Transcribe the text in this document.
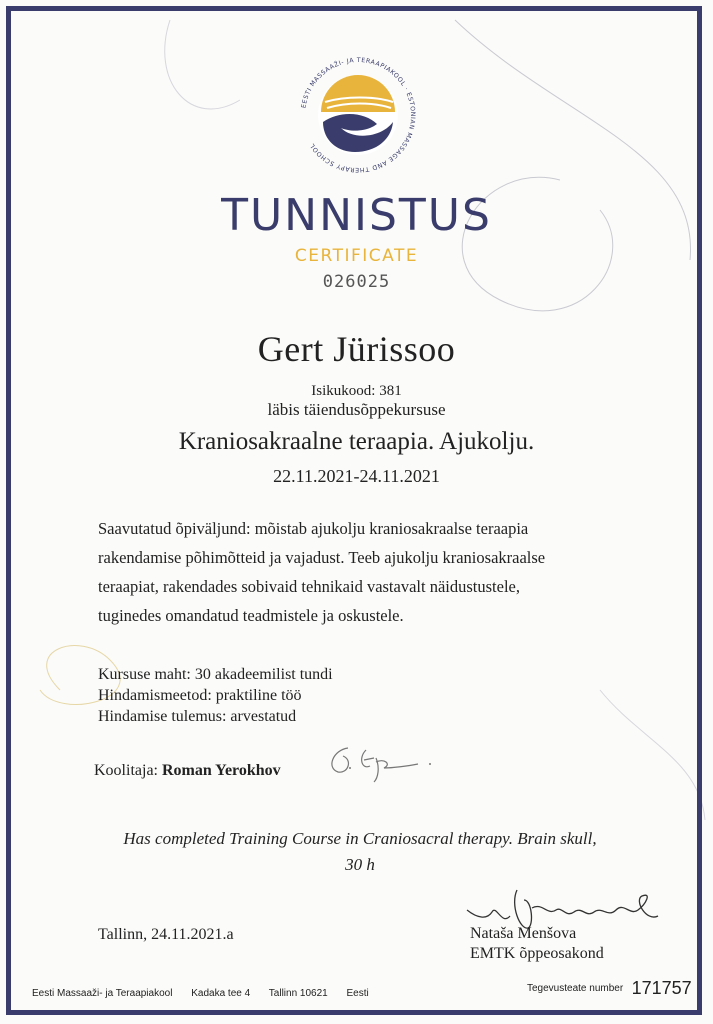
EESTI MASSAAŽI- JA TERAAPIAKOOL · ESTONIAN MASSAGE AND THERAPY SCHOOL
TUNNISTUS
CERTIFICATE
026025
Gert Jürissoo
Isikukood: 381
läbis täiendusõppekursuse
Kraniosakraalne teraapia. Ajukolju.
22.11.2021-24.11.2021
Saavutatud õpiväljund: mõistab ajukolju kraniosakraalse teraapia
rakendamise põhimõtteid ja vajadust. Teeb ajukolju kraniosakraalse
teraapiat, rakendades sobivaid tehnikaid vastavalt näidustustele,
tuginedes omandatud teadmistele ja oskustele.
Kursuse maht: 30 akadeemilist tundi
Hindamismeetod: praktiline töö
Hindamise tulemus: arvestatud
Koolitaja: Roman Yerokhov
Has completed Training Course in Craniosacral therapy. Brain skull,
30 h
Tallinn, 24.11.2021.a	Nataša Menšova
EMTK õppeosakond
Eesti Massaaži- ja Teraapiakool Kadaka tee 4 Tallinn 10621 Eesti	Tegevusteate number 171757
